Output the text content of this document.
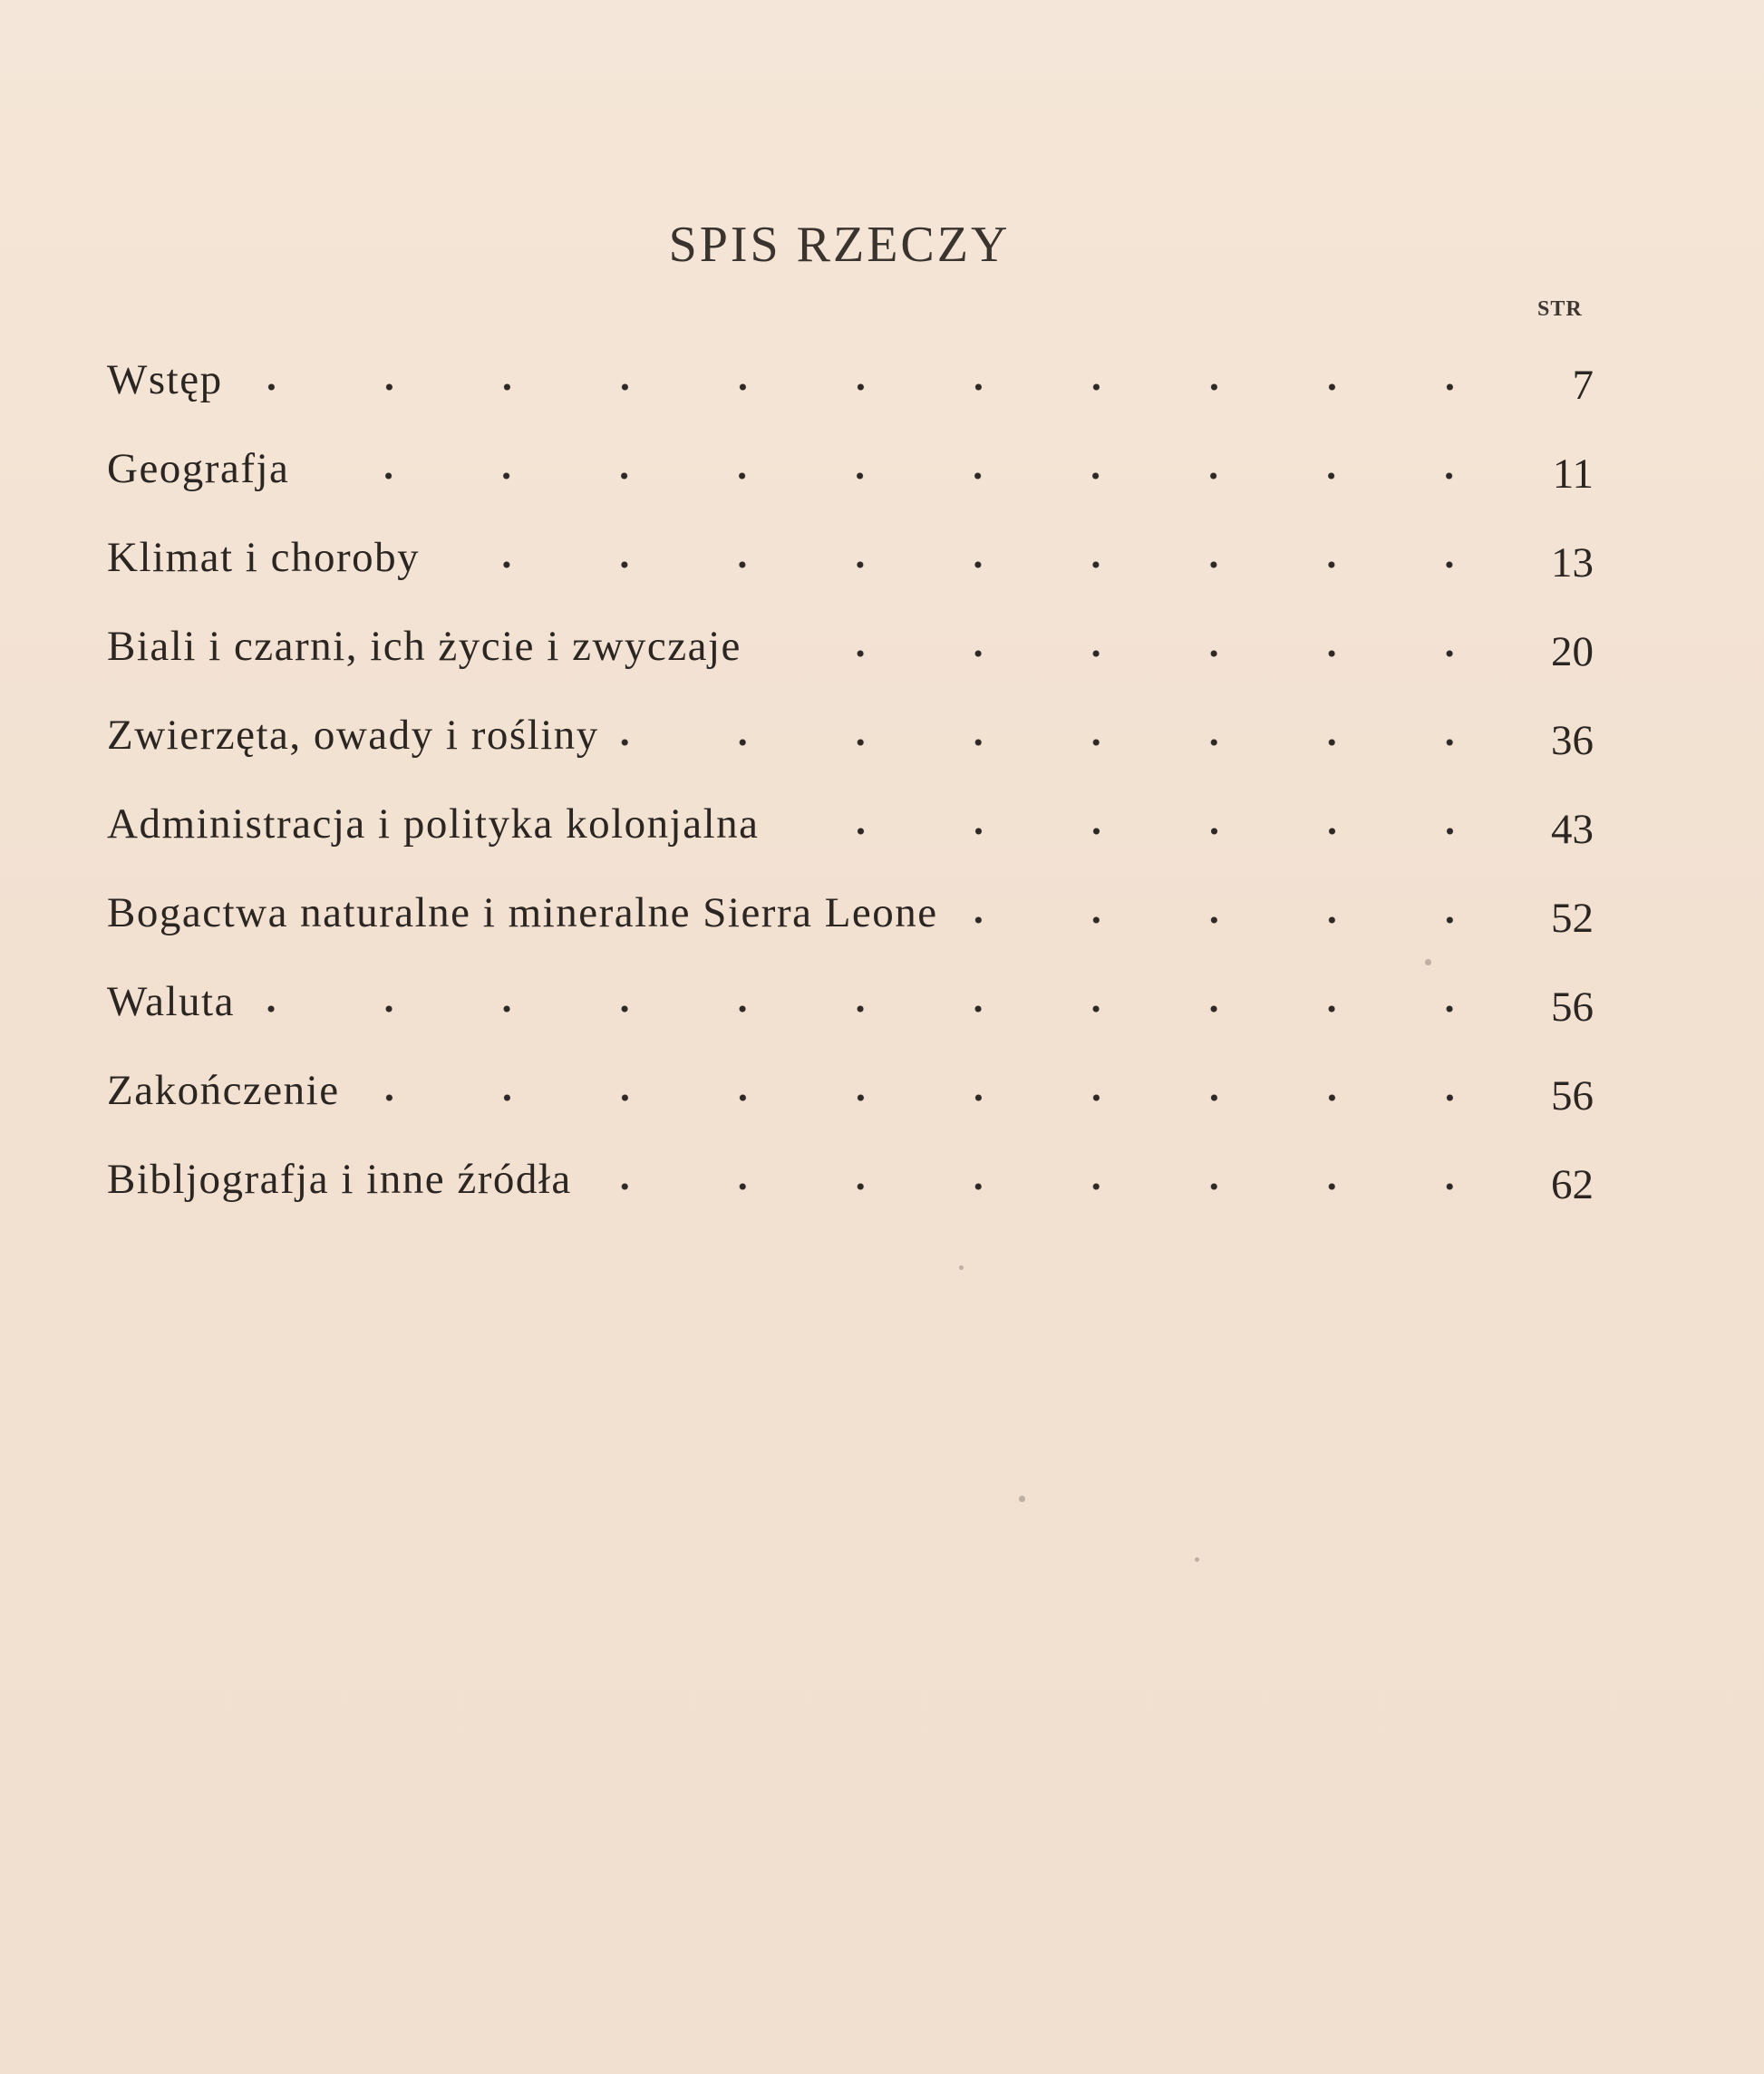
SPIS RZECZY
STR
Wstęp	7
Geografja	11
Klimat i choroby	13
Biali i czarni, ich życie i zwyczaje	20
Zwierzęta, owady i rośliny	36
Administracja i polityka kolonjalna	43
Bogactwa naturalne i mineralne Sierra Leone	52
Waluta	56
Zakończenie	56
Bibljografja i inne źródła	62
